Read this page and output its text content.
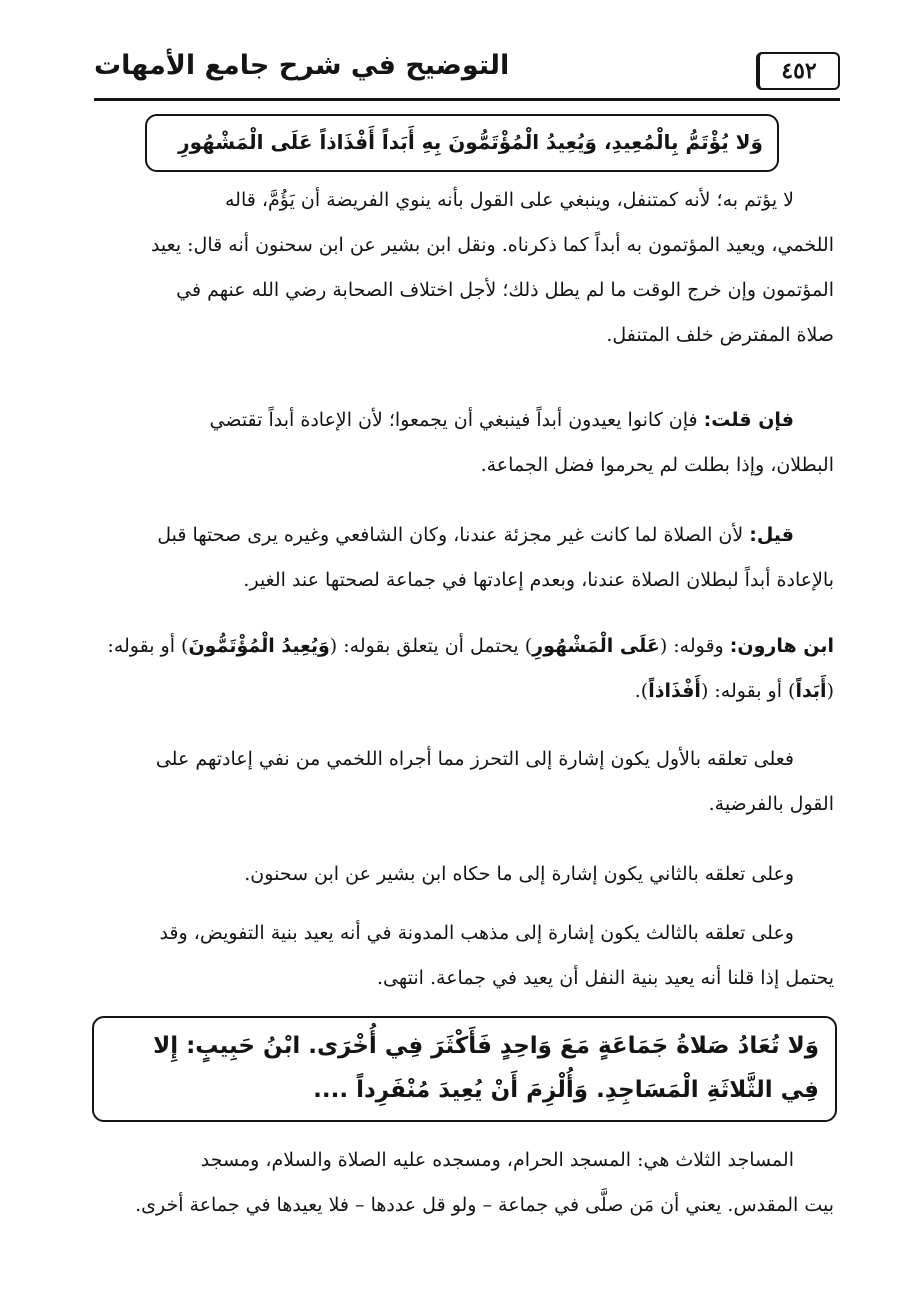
٤٥٢
التوضيح في شرح جامع الأمهات
وَلا يُؤْتَمُّ بِالْمُعِيدِ، وَيُعِيدُ الْمُؤْتَمُّونَ بِهِ أَبَداً أَفْذَاذاً عَلَى الْمَشْهُورِ
لا يؤتم به؛ لأنه كمتنفل، وينبغي على القول بأنه ينوي الفريضة أن يَؤُمَّ، قاله
اللخمي، ويعيد المؤتمون به أبداً كما ذكرناه. ونقل ابن بشير عن ابن سحنون أنه قال: يعيد
المؤتمون وإن خرج الوقت ما لم يطل ذلك؛ لأجل اختلاف الصحابة رضي الله عنهم في
صلاة المفترض خلف المتنفل.
فإن قلت: فإن كانوا يعيدون أبداً فينبغي أن يجمعوا؛ لأن الإعادة أبداً تقتضي
البطلان، وإذا بطلت لم يحرموا فضل الجماعة.
قيل: لأن الصلاة لما كانت غير مجزئة عندنا، وكان الشافعي وغيره يرى صحتها قبل
بالإعادة أبداً لبطلان الصلاة عندنا، وبعدم إعادتها في جماعة لصحتها عند الغير.
ابن هارون: وقوله: (عَلَى الْمَشْهُورِ) يحتمل أن يتعلق بقوله: (وَيُعِيدُ الْمُؤْتَمُّونَ) أو بقوله:
(أَبَداً) أو بقوله: (أَفْذَاذاً).
فعلى تعلقه بالأول يكون إشارة إلى التحرز مما أجراه اللخمي من نفي إعادتهم على
القول بالفرضية.
وعلى تعلقه بالثاني يكون إشارة إلى ما حكاه ابن بشير عن ابن سحنون.
وعلى تعلقه بالثالث يكون إشارة إلى مذهب المدونة في أنه يعيد بنية التفويض، وقد
يحتمل إذا قلنا أنه يعيد بنية النفل أن يعيد في جماعة. انتهى.
وَلا تُعَادُ صَلاةُ جَمَاعَةٍ مَعَ وَاحِدٍ فَأَكْثَرَ فِي أُخْرَى. ابْنُ حَبِيبٍ: إِلا
فِي الثَّلاثَةِ الْمَسَاجِدِ. وَأُلْزِمَ أَنْ يُعِيدَ مُنْفَرِداً ....
المساجد الثلاث هي: المسجد الحرام، ومسجده عليه الصلاة والسلام، ومسجد
بيت المقدس. يعني أن مَن صلَّى في جماعة – ولو قل عددها – فلا يعيدها في جماعة أخرى.
